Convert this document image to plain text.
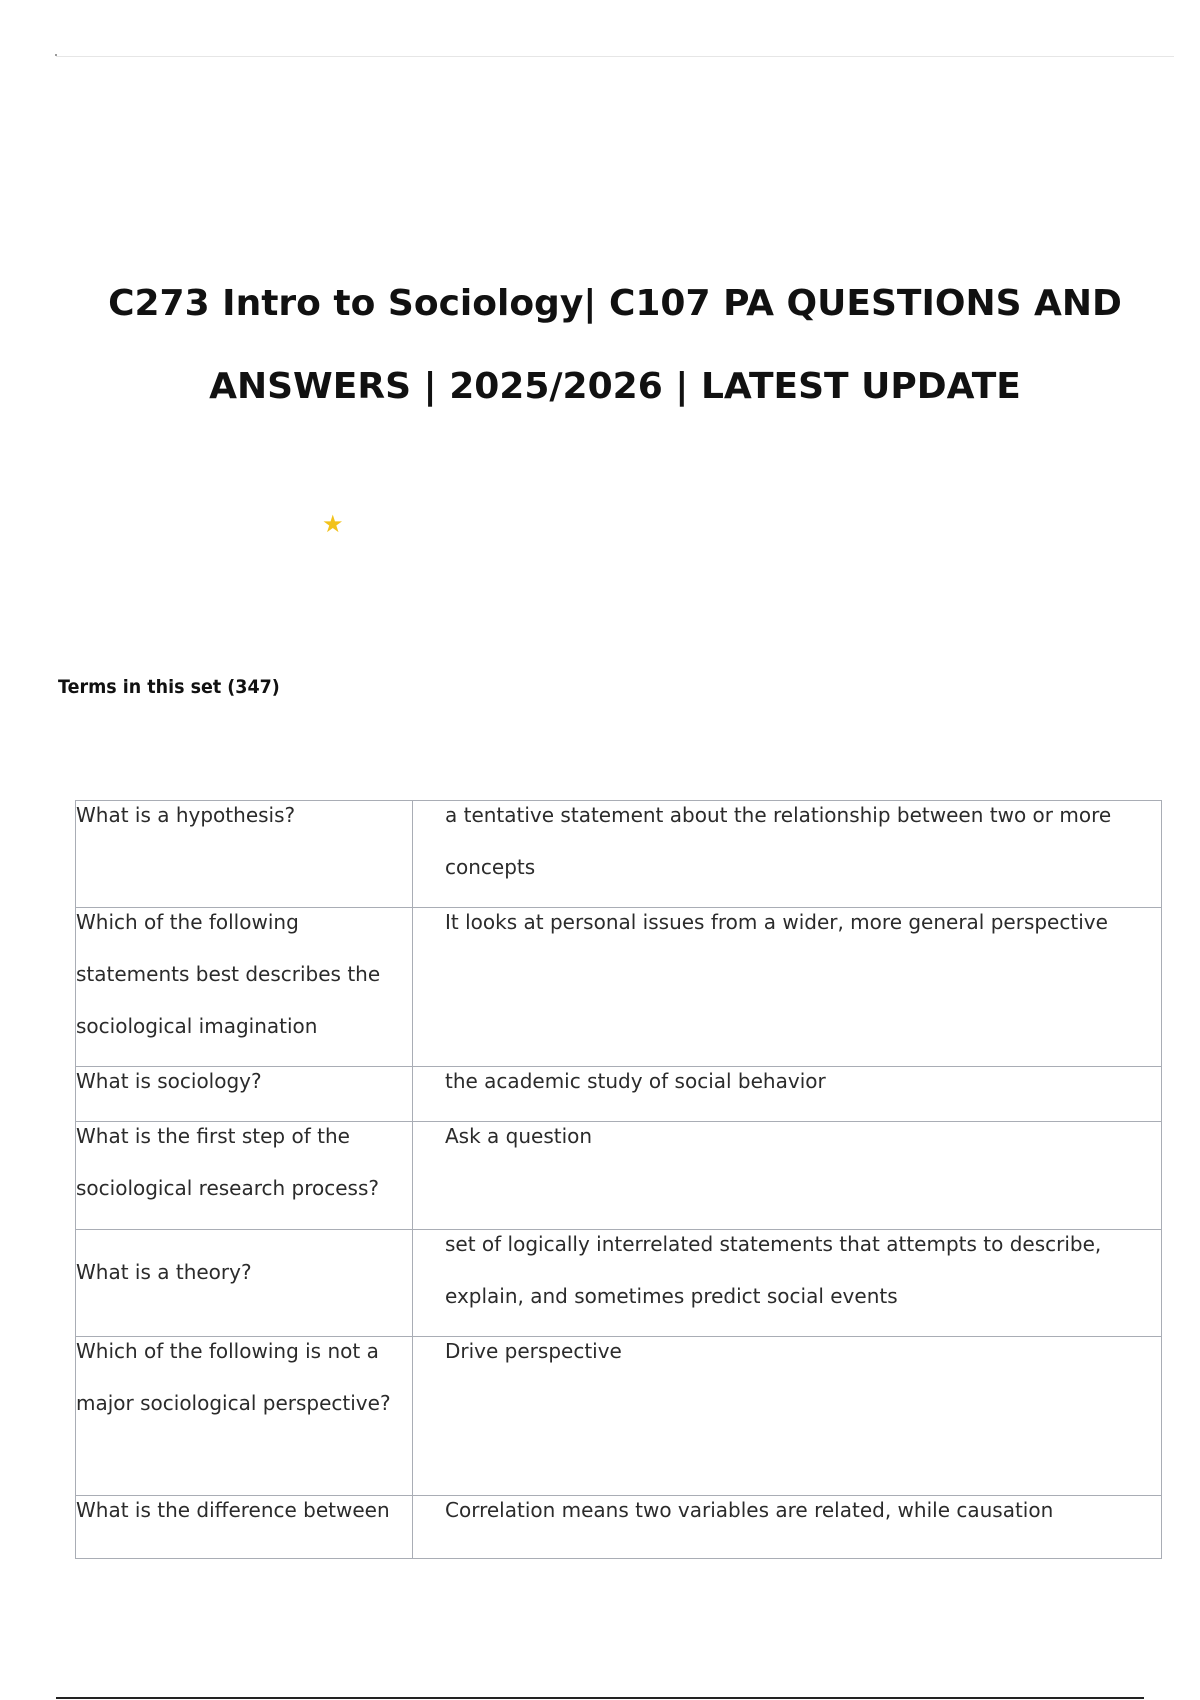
C273 Intro to Sociology| C107 PA QUESTIONS AND ANSWERS | 2025/2026 | LATEST UPDATE
★
Terms in this set (347)
What is a hypothesis?	a tentative statement about the relationship between two or more concepts

Which of the following statements best describes the sociological imagination	It looks at personal issues from a wider, more general perspective

What is sociology?	the academic study of social behavior

What is the first step of the sociological research process?	Ask a question

What is a theory?	set of logically interrelated statements that attempts to describe, explain, and sometimes predict social events

Which of the following is not a major sociological perspective?	Drive perspective

What is the difference between	Correlation means two variables are related, while causation
